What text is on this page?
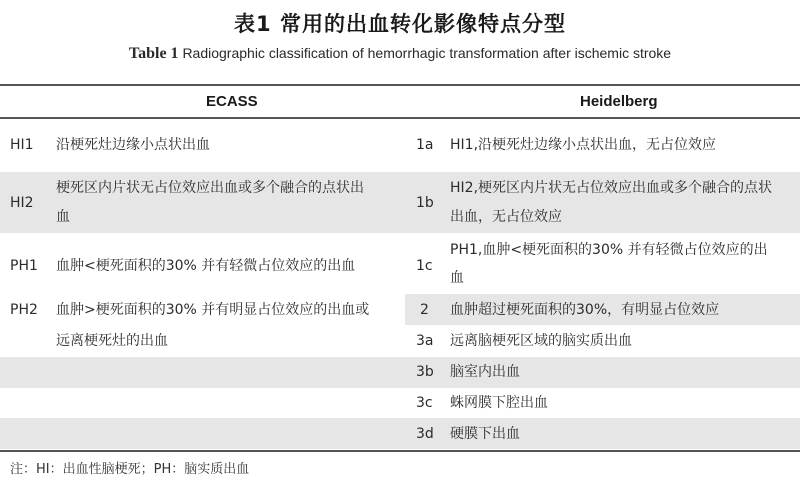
表1 常用的出血转化影像特点分型
Table 1 Radiographic classification of hemorrhagic transformation after ischemic stroke
ECASS	Heidelberg
HI1 沿梗死灶边缘小点状出血
HI2
梗死区内片状无占位效应出血或多个融合的点状出
血
PH1 血肿<梗死面积的30% 并有轻微占位效应的出血
PH2 血肿>梗死面积的30% 并有明显占位效应的出血或
远离梗死灶的出血
1a HI1,沿梗死灶边缘小点状出血，无占位效应
1b
HI2,梗死区内片状无占位效应出血或多个融合的点状
出血，无占位效应
1c
PH1,血肿<梗死面积的30% 并有轻微占位效应的出
血
2 血肿超过梗死面积的30%，有明显占位效应
3a 远离脑梗死区域的脑实质出血
3b 脑室内出血
3c 蛛网膜下腔出血
3d 硬膜下出血
注：HI：出血性脑梗死；PH：脑实质出血
